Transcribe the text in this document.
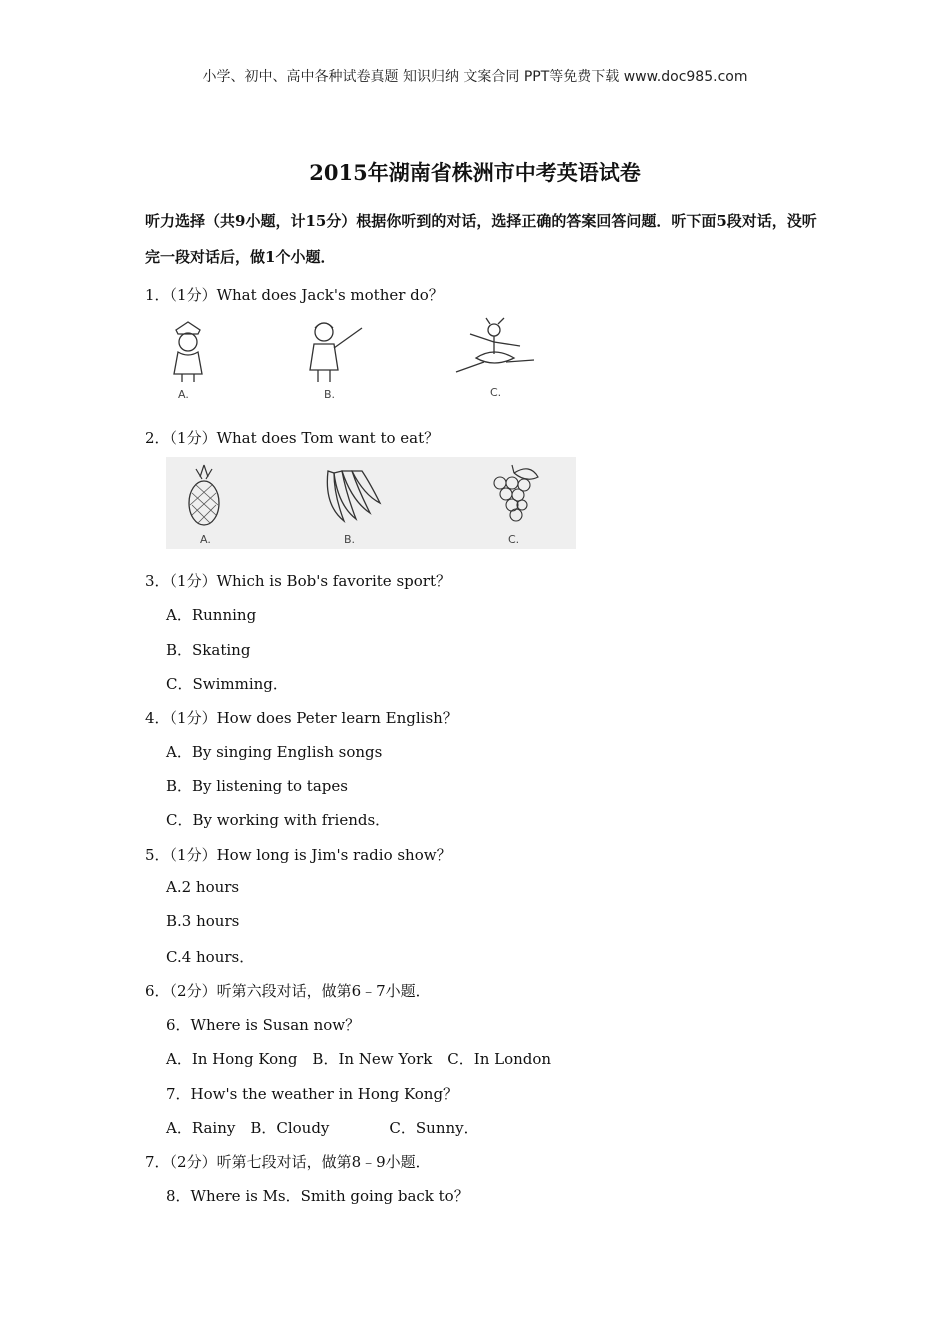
小学、初中、高中各种试卷真题 知识归纳 文案合同 PPT等免费下载 www.doc985.com
2015年湖南省株洲市中考英语试卷
听力选择（共9小题，计15分）根据你听到的对话，选择正确的答案回答问题．听下面5段对话，没听完一段对话后，做1个小题．
1．（1分）What does Jack's mother do？
A.	B.	C.
2．（1分）What does Tom want to eat？
A.	B.	C.
3．（1分）Which is Bob's favorite sport？
A．Running
B．Skating
C．Swimming．
4．（1分）How does Peter learn English？
A．By singing English songs
B．By listening to tapes
C．By working with friends．
5．（1分）How long is Jim's radio show？
A.2 hours
B.3 hours
C.4 hours．
6．（2分）听第六段对话，做第6﹣7小题．
6．Where is Susan now？
A．In Hong Kong　B．In New York　C．In London
7．How's the weather in Hong Kong？
A．Rainy　B．Cloudy　　　　C．Sunny．
7．（2分）听第七段对话，做第8﹣9小题．
8．Where is Ms．Smith going back to？
